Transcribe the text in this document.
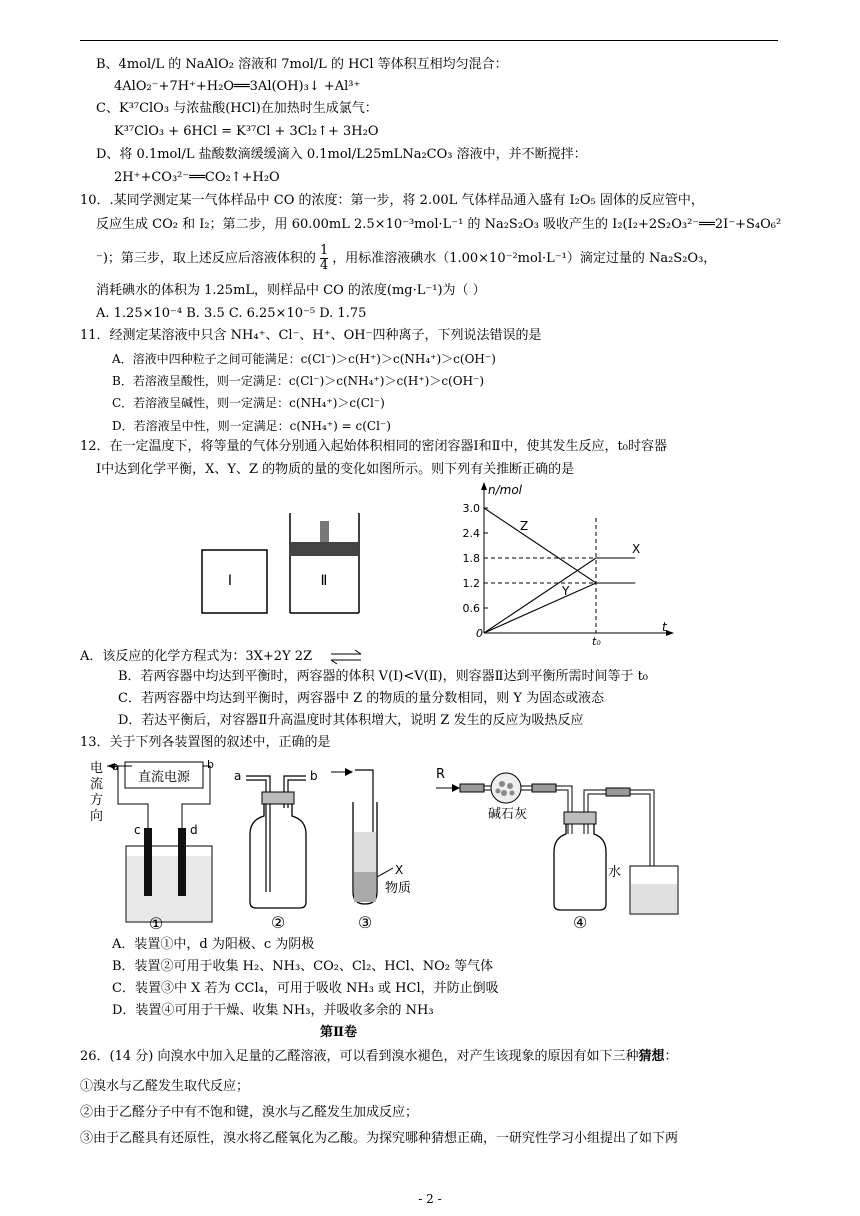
B、4mol/L 的 NaAlO₂ 溶液和 7mol/L 的 HCl 等体积互相均匀混合：
4AlO₂⁻+7H⁺+H₂O══3Al(OH)₃↓ +Al³⁺
C、K³⁷ClO₃ 与浓盐酸(HCl)在加热时生成氯气：
K³⁷ClO₃ + 6HCl = K³⁷Cl + 3Cl₂↑+ 3H₂O
D、将 0.1mol/L 盐酸数滴缓缓滴入 0.1mol/L25mLNa₂CO₃ 溶液中，并不断搅拌：
2H⁺+CO₃²⁻══CO₂↑+H₂O
10．.某同学测定某一气体样品中 CO 的浓度：第一步，将 2.00L 气体样品通入盛有 I₂O₅ 固体的反应管中，
反应生成 CO₂ 和 I₂；第二步，用 60.00mL 2.5×10⁻³mol·L⁻¹ 的 Na₂S₂O₃ 吸收产生的 I₂(I₂+2S₂O₃²⁻══2I⁻+S₄O₆²
⁻)；第三步，取上述反应后溶液体积的 $\frac{1}{4}$ ，用标准溶液碘水（1.00×10⁻²mol·L⁻¹）滴定过量的 Na₂S₂O₃，
消耗碘水的体积为 1.25mL，则样品中 CO 的浓度(mg·L⁻¹)为（ ）
A. 1.25×10⁻⁴ B. 3.5 C. 6.25×10⁻⁵ D. 1.75
11．经测定某溶液中只含 NH₄⁺、Cl⁻、H⁺、OH⁻四种离子，下列说法错误的是
A．溶液中四种粒子之间可能满足：c(Cl⁻)＞c(H⁺)＞c(NH₄⁺)＞c(OH⁻)
B．若溶液呈酸性，则一定满足：c(Cl⁻)＞c(NH₄⁺)＞c(H⁺)＞c(OH⁻)
C．若溶液呈碱性，则一定满足：c(NH₄⁺)＞c(Cl⁻)
D．若溶液呈中性，则一定满足：c(NH₄⁺) = c(Cl⁻)
12．在一定温度下，将等量的气体分别通入起始体积相同的密闭容器Ⅰ和Ⅱ中，使其发生反应，t₀时容器
Ⅰ中达到化学平衡，X、Y、Z 的物质的量的变化如图所示。则下列有关推断正确的是
Ⅰ	Ⅱ
n/mol
t
0
0.6
1.2
1.8
2.4
3.0
t₀
Z
X
Y
A．该反应的化学方程式为：3X+2Y 2Z ⇌
B．若两容器中均达到平衡时，两容器的体积 V(Ⅰ)<V(Ⅱ)，则容器Ⅱ达到平衡所需时间等于 t₀
C．若两容器中均达到平衡时，两容器中 Z 的物质的量分数相同，则 Y 为固态或液态
D．若达平衡后，对容器Ⅱ升高温度时其体积增大，说明 Z 发生的反应为吸热反应
13．关于下列各装置图的叙述中，正确的是
电
流
方
向
直流电源
a	b
c	d
①
a	b
②
X
物质
③
R
碱石灰
水
④
A．装置①中，d 为阳极、c 为阴极
B．装置②可用于收集 H₂、NH₃、CO₂、Cl₂、HCl、NO₂ 等气体
C．装置③中 X 若为 CCl₄，可用于吸收 NH₃ 或 HCl，并防止倒吸
D．装置④可用于干燥、收集 NH₃，并吸收多余的 NH₃
第Ⅱ卷
26．(14 分) 向溴水中加入足量的乙醛溶液，可以看到溴水褪色，对产生该现象的原因有如下三种猜想：
①溴水与乙醛发生取代反应；
②由于乙醛分子中有不饱和键，溴水与乙醛发生加成反应；
③由于乙醛具有还原性，溴水将乙醛氧化为乙酸。为探究哪种猜想正确，一研究性学习小组提出了如下两
- 2 -
